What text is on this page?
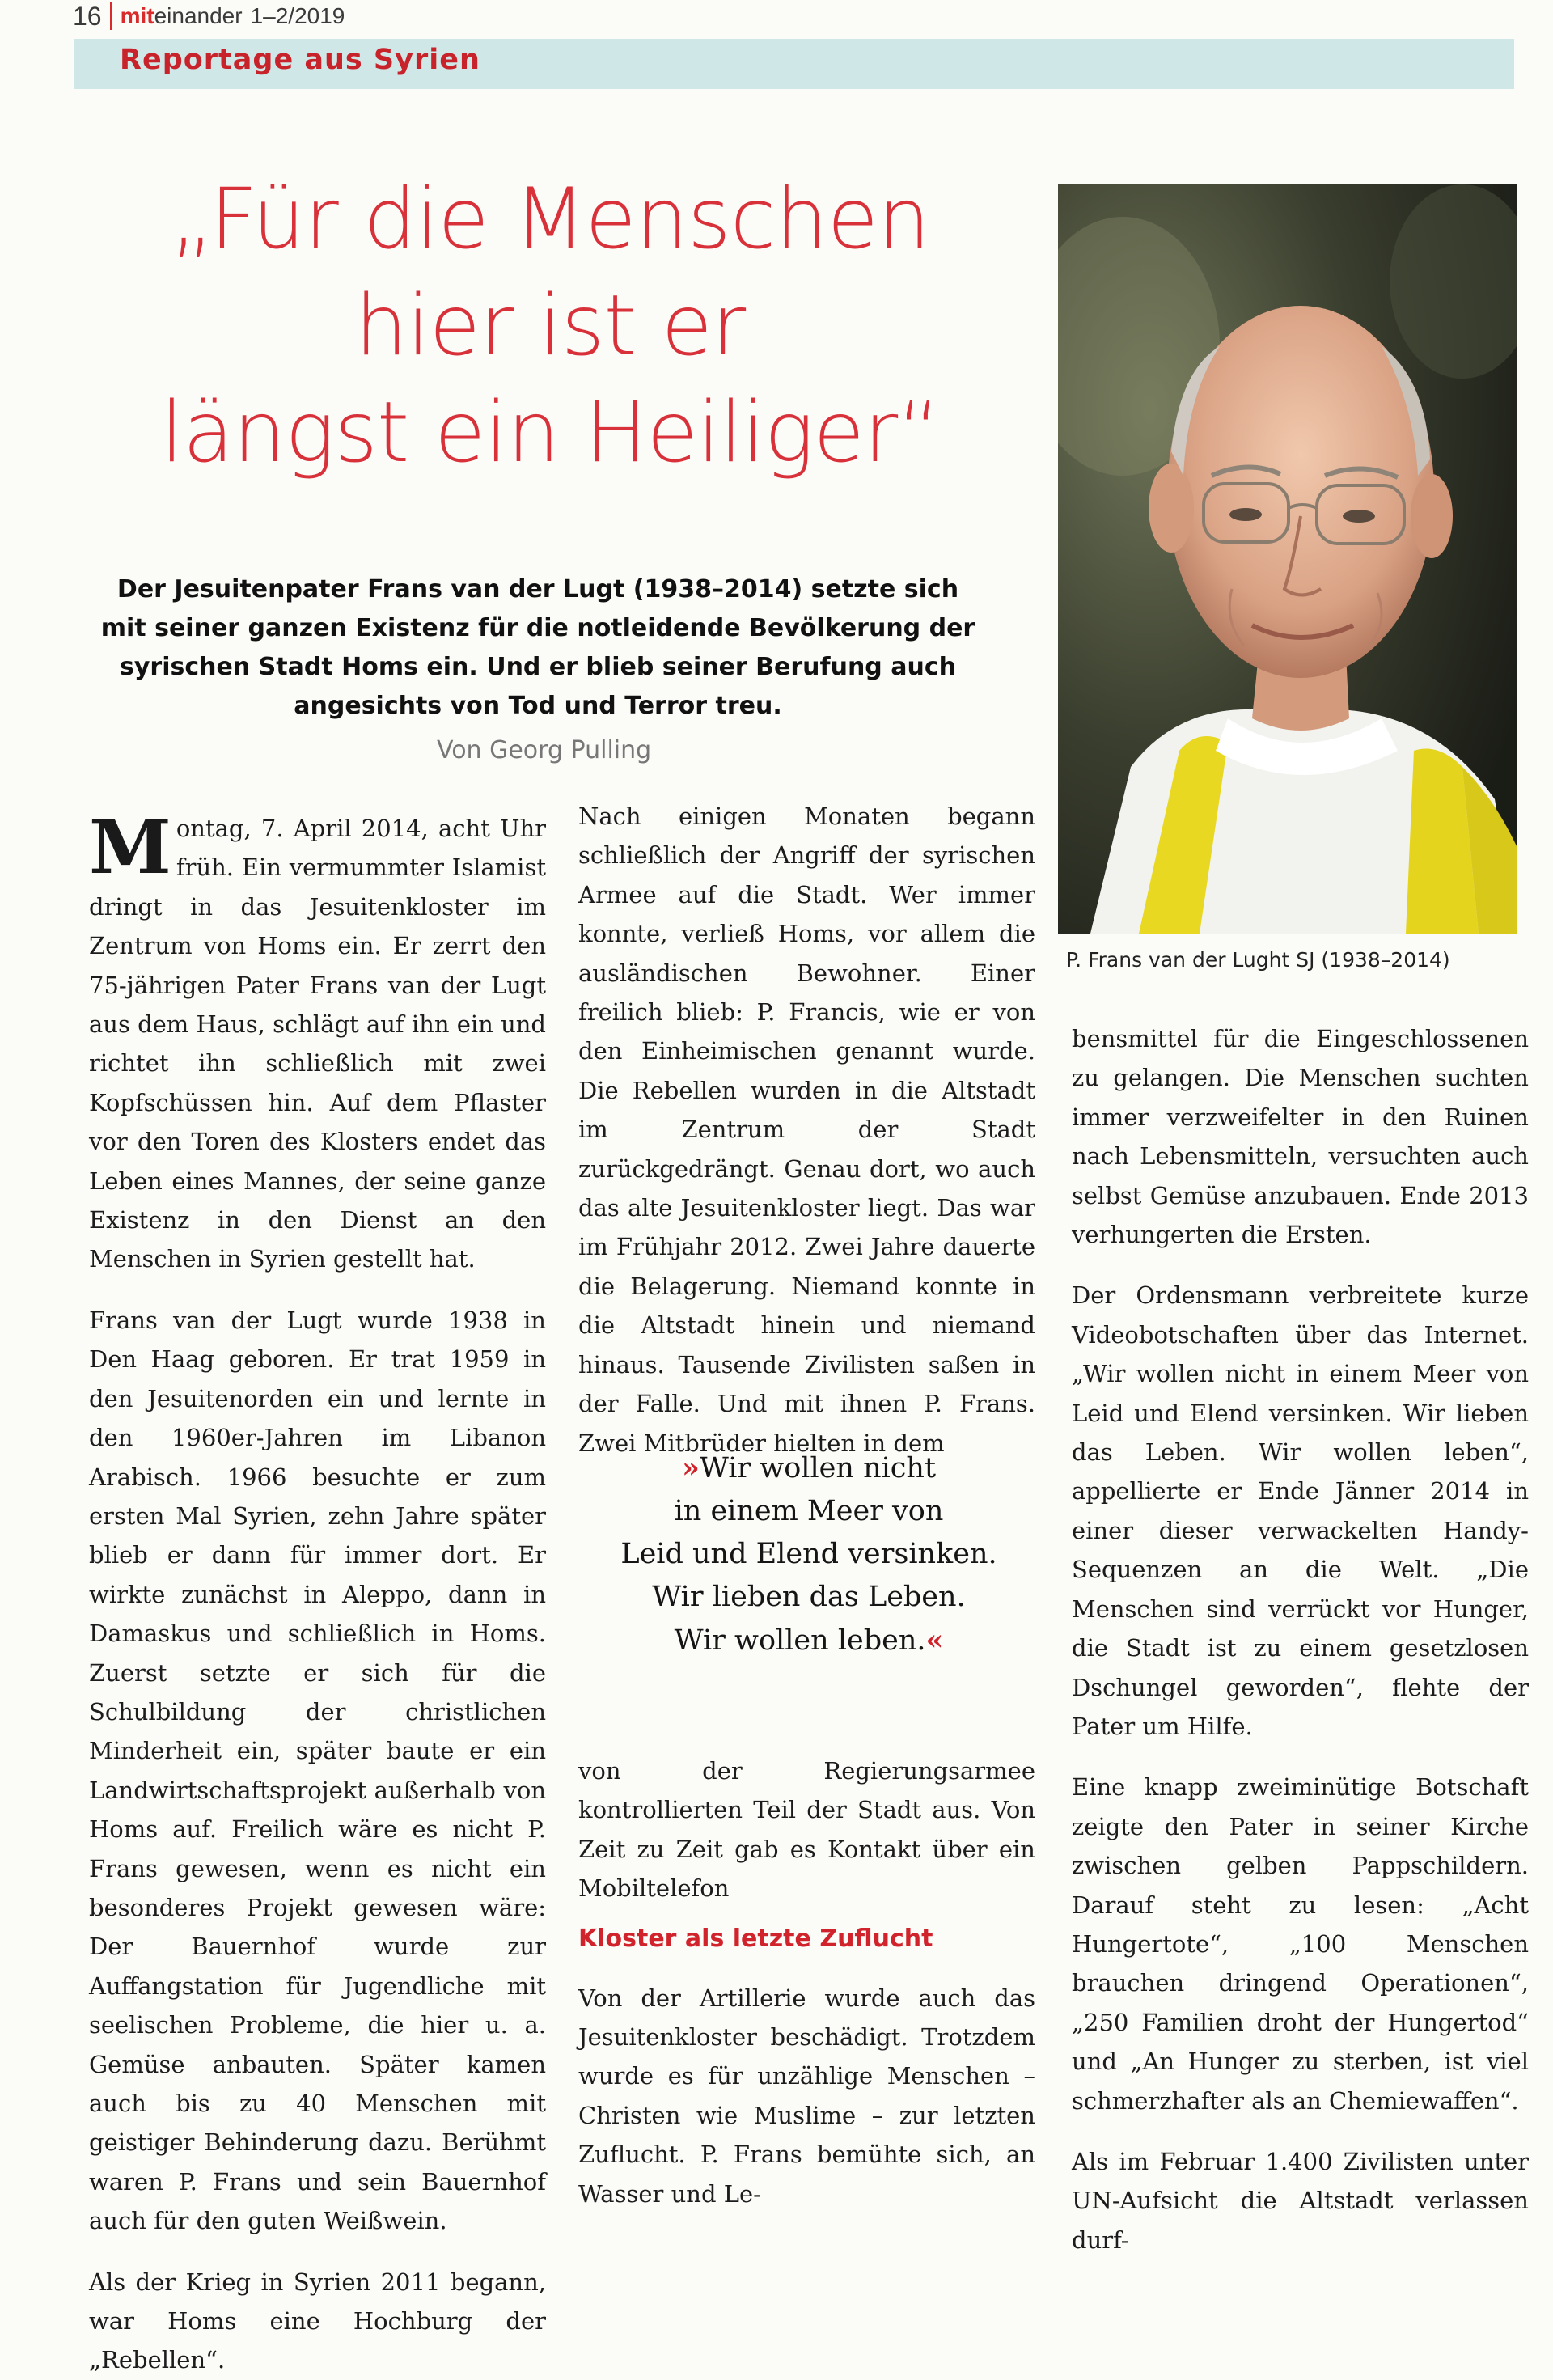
16 miteinander 1–2/2019
Reportage aus Syrien
„Für die Menschen
hier ist er
längst ein Heiliger“
Der Jesuitenpater Frans van der Lugt (1938–2014) setzte sich mit seiner ganzen Existenz für die notleidende Bevölkerung der syrischen Stadt Homs ein. Und er blieb seiner Berufung auch angesichts von Tod und Terror treu.
Von Georg Pulling
P. Frans van der Lught SJ (1938–2014)

Montag, 7. April 2014, acht Uhr früh. Ein vermummter Islamist dringt in das Jesuitenkloster im Zentrum von Homs ein. Er zerrt den 75-jährigen Pater Frans van der Lugt aus dem Haus, schlägt auf ihn ein und richtet ihn schließlich mit zwei Kopfschüssen hin. Auf dem Pflaster vor den Toren des Klosters endet das Leben eines Mannes, der seine ganze Existenz in den Dienst an den Menschen in Syrien gestellt hat.

Frans van der Lugt wurde 1938 in Den Haag geboren. Er trat 1959 in den Jesuitenorden ein und lernte in den 1960er-Jahren im Libanon Arabisch. 1966 besuchte er zum ersten Mal Syrien, zehn Jahre später blieb er dann für immer dort. Er wirkte zunächst in Aleppo, dann in Damaskus und schließlich in Homs. Zuerst setzte er sich für die Schulbildung der christlichen Minderheit ein, später baute er ein Landwirtschaftsprojekt außerhalb von Homs auf. Freilich wäre es nicht P. Frans gewesen, wenn es nicht ein besonderes Projekt gewesen wäre: Der Bauernhof wurde zur Auffangstation für Jugendliche mit seelischen Probleme, die hier u. a. Gemüse anbauten. Später kamen auch bis zu 40 Menschen mit geistiger Behinderung dazu. Berühmt waren P. Frans und sein Bauernhof auch für den guten Weißwein.

Als der Krieg in Syrien 2011 begann, war Homs eine Hochburg der „Rebellen“.

Nach einigen Monaten begann schließlich der Angriff der syrischen Armee auf die Stadt. Wer immer konnte, verließ Homs, vor allem die ausländischen Bewohner. Einer freilich blieb: P. Francis, wie er von den Einheimischen genannt wurde. Die Rebellen wurden in die Altstadt im Zentrum der Stadt zurückgedrängt. Genau dort, wo auch das alte Jesuitenkloster liegt. Das war im Frühjahr 2012. Zwei Jahre dauerte die Belagerung. Niemand konnte in die Altstadt hinein und niemand hinaus. Tausende Zivilisten saßen in der Falle. Und mit ihnen P. Frans. Zwei Mitbrüder hielten in dem

»Wir wollen nicht
in einem Meer von
Leid und Elend versinken.
Wir lieben das Leben.
Wir wollen leben.«

von der Regierungsarmee kontrollierten Teil der Stadt aus. Von Zeit zu Zeit gab es Kontakt über ein Mobiltelefon

Kloster als letzte Zuflucht

Von der Artillerie wurde auch das Jesuitenkloster beschädigt. Trotzdem wurde es für unzählige Menschen – Christen wie Muslime – zur letzten Zuflucht. P. Frans bemühte sich, an Wasser und Le-

bensmittel für die Eingeschlossenen zu gelangen. Die Menschen suchten immer verzweifelter in den Ruinen nach Lebensmitteln, versuchten auch selbst Gemüse anzubauen. Ende 2013 verhungerten die Ersten.

Der Ordensmann verbreitete kurze Videobotschaften über das Internet. „Wir wollen nicht in einem Meer von Leid und Elend versinken. Wir lieben das Leben. Wir wollen leben“, appellierte er Ende Jänner 2014 in einer dieser verwackelten Handy-Sequenzen an die Welt. „Die Menschen sind verrückt vor Hunger, die Stadt ist zu einem gesetzlosen Dschungel geworden“, flehte der Pater um Hilfe.

Eine knapp zweiminütige Botschaft zeigte den Pater in seiner Kirche zwischen gelben Pappschildern. Darauf steht zu lesen: „Acht Hungertote“, „100 Menschen brauchen dringend Operationen“, „250 Familien droht der Hungertod“ und „An Hunger zu sterben, ist viel schmerzhafter als an Chemiewaffen“.

Als im Februar 1.400 Zivilisten unter UN-Aufsicht die Altstadt verlassen durf-
